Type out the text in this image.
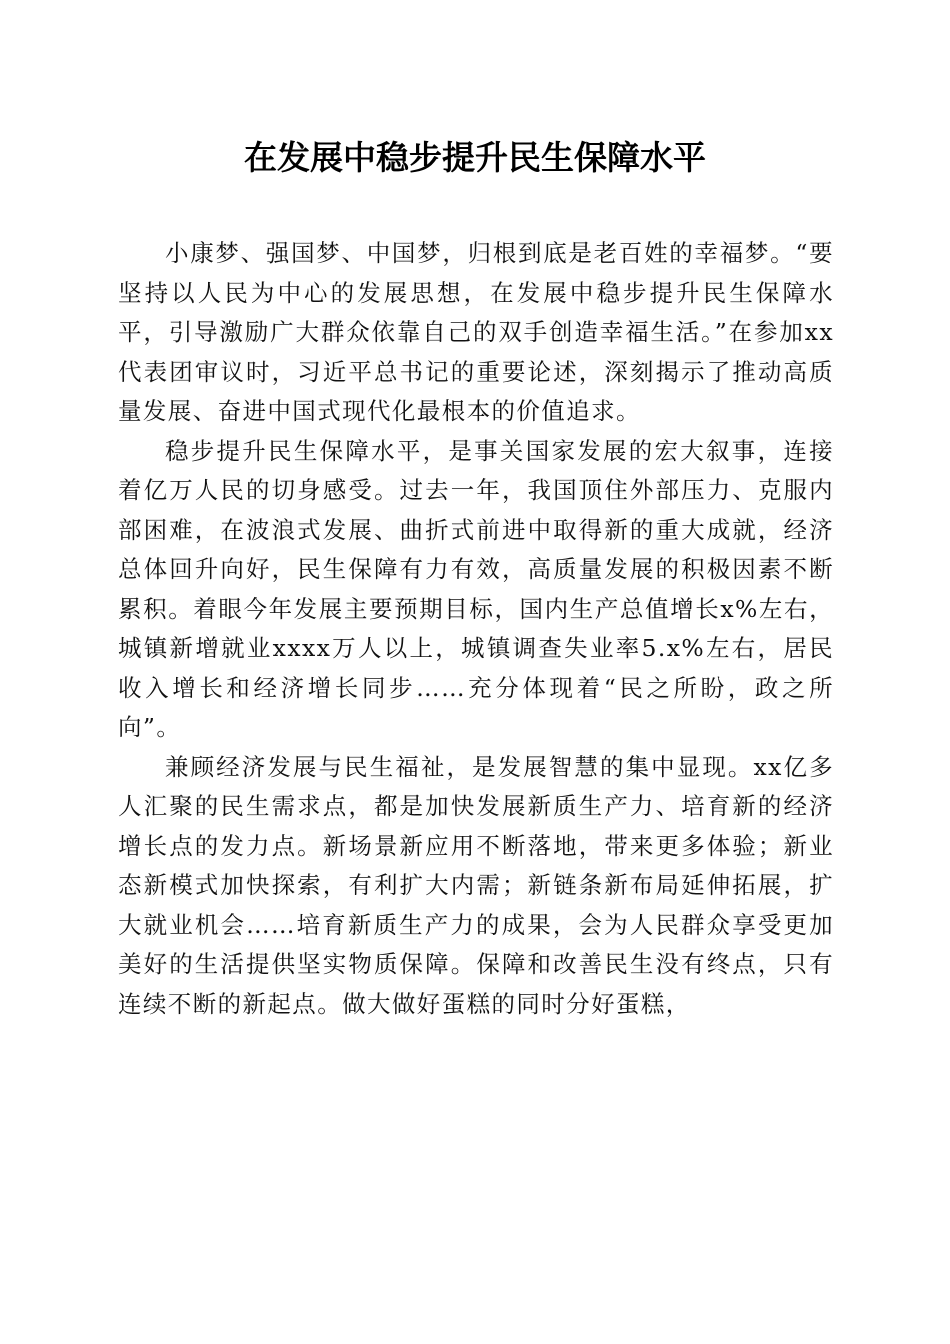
在发展中稳步提升民生保障水平

小康梦、强国梦、中国梦，归根到底是老百姓的幸福梦。“要坚持以人民为中心的发展思想，在发展中稳步提升民生保障水平，引导激励广大群众依靠自己的双手创造幸福生活。”在参加xx代表团审议时，习近平总书记的重要论述，深刻揭示了推动高质量发展、奋进中国式现代化最根本的价值追求。

稳步提升民生保障水平，是事关国家发展的宏大叙事，连接着亿万人民的切身感受。过去一年，我国顶住外部压力、克服内部困难，在波浪式发展、曲折式前进中取得新的重大成就，经济总体回升向好，民生保障有力有效，高质量发展的积极因素不断累积。着眼今年发展主要预期目标，国内生产总值增长x%左右，城镇新增就业xxxx万人以上，城镇调查失业率5.x%左右，居民收入增长和经济增长同步……充分体现着“民之所盼，政之所向”。

兼顾经济发展与民生福祉，是发展智慧的集中显现。xx亿多人汇聚的民生需求点，都是加快发展新质生产力、培育新的经济增长点的发力点。新场景新应用不断落地，带来更多体验；新业态新模式加快探索，有利扩大内需；新链条新布局延伸拓展，扩大就业机会……培育新质生产力的成果，会为人民群众享受更加美好的生活提供坚实物质保障。保障和改善民生没有终点，只有连续不断的新起点。做大做好蛋糕的同时分好蛋糕，
